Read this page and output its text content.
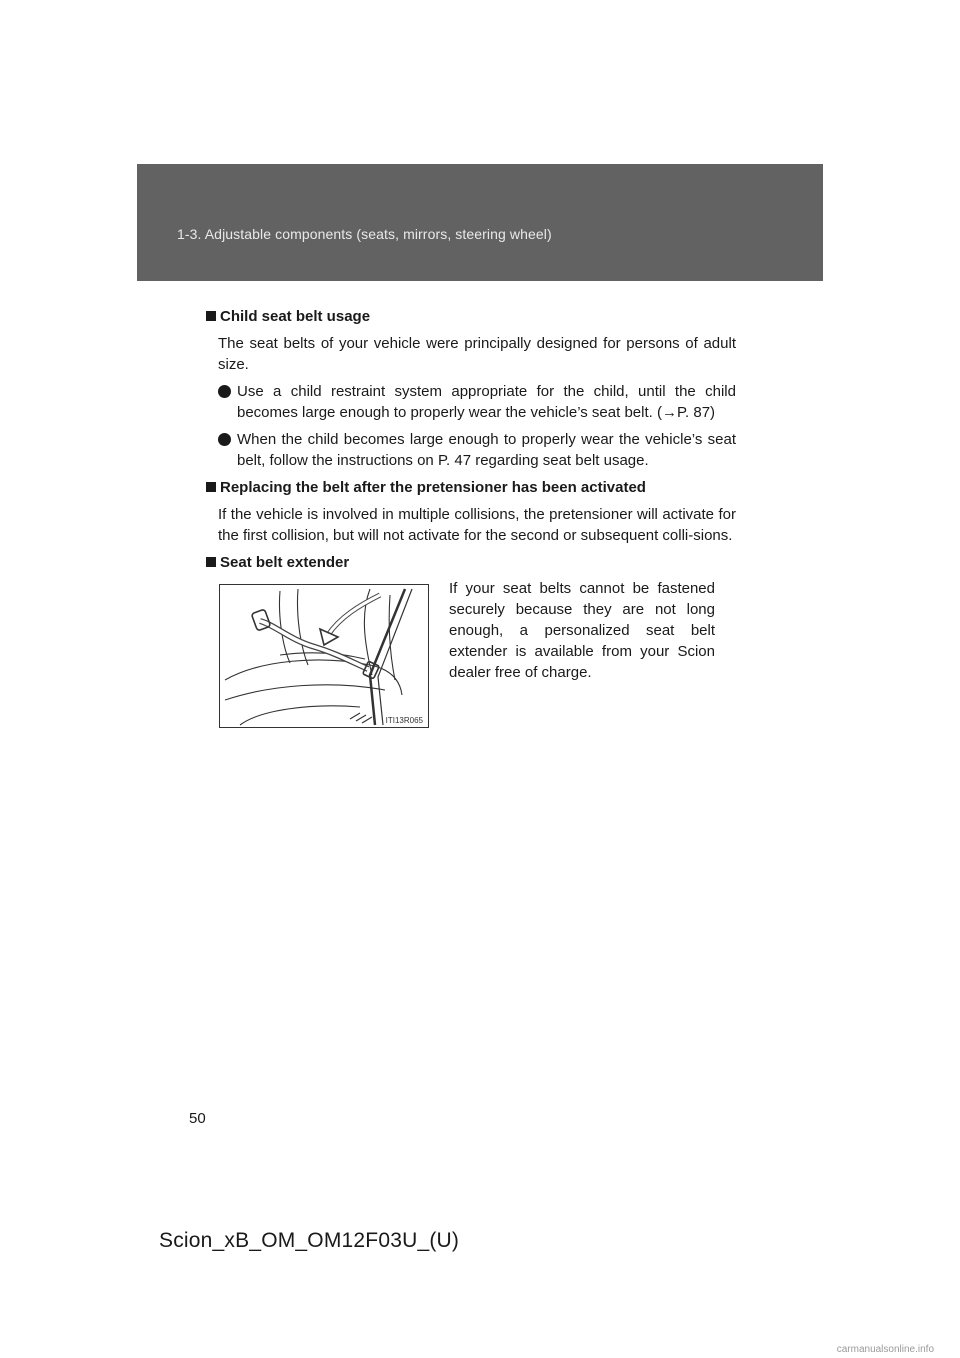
1-3. Adjustable components (seats, mirrors, steering wheel)
Child seat belt usage

The seat belts of your vehicle were principally designed for persons of adult size.

Use a child restraint system appropriate for the child, until the child becomes large enough to properly wear the vehicle’s seat belt. (→P. 87)
When the child becomes large enough to properly wear the vehicle’s seat belt, follow the instructions on P. 47 regarding seat belt usage.
Replacing the belt after the pretensioner has been activated

If the vehicle is involved in multiple collisions, the pretensioner will activate for the first collision, but will not activate for the second or subsequent colli-sions.

Seat belt extender
ITI13R065
If your seat belts cannot be fastened securely because they are not long enough, a personalized seat belt extender is available from your Scion dealer free of charge.
50
Scion_xB_OM_OM12F03U_(U)
carmanualsonline.info
